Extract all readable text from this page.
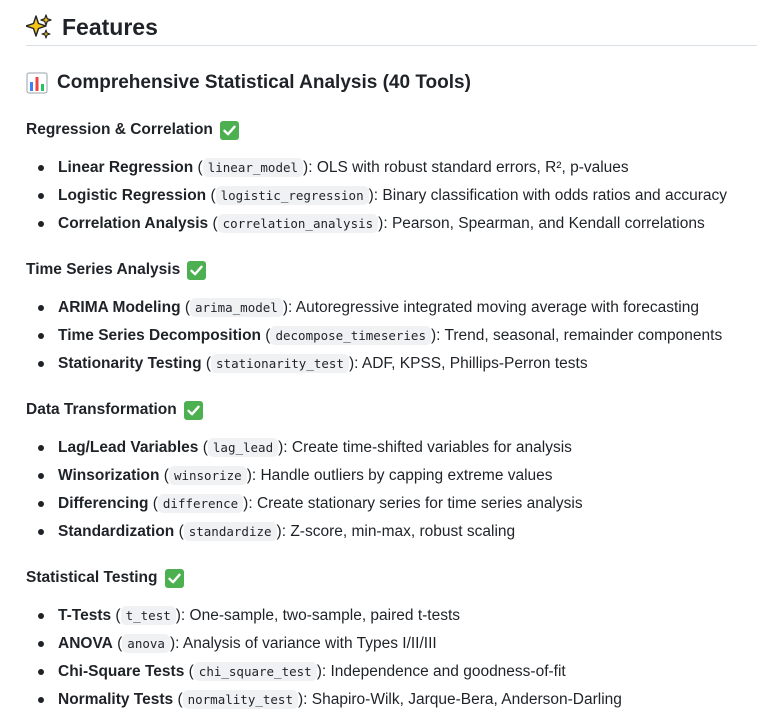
Features
Comprehensive Statistical Analysis (40 Tools)
Regression & Correlation
Linear Regression ( linear_model ): OLS with robust standard errors, R², p-values
Logistic Regression ( logistic_regression ): Binary classification with odds ratios and accuracy
Correlation Analysis ( correlation_analysis ): Pearson, Spearman, and Kendall correlations
Time Series Analysis
ARIMA Modeling ( arima_model ): Autoregressive integrated moving average with forecasting
Time Series Decomposition ( decompose_timeseries ): Trend, seasonal, remainder components
Stationarity Testing ( stationarity_test ): ADF, KPSS, Phillips-Perron tests
Data Transformation
Lag/Lead Variables ( lag_lead ): Create time-shifted variables for analysis
Winsorization ( winsorize ): Handle outliers by capping extreme values
Differencing ( difference ): Create stationary series for time series analysis
Standardization ( standardize ): Z-score, min-max, robust scaling
Statistical Testing
T-Tests ( t_test ): One-sample, two-sample, paired t-tests
ANOVA ( anova ): Analysis of variance with Types I/II/III
Chi-Square Tests ( chi_square_test ): Independence and goodness-of-fit
Normality Tests ( normality_test ): Shapiro-Wilk, Jarque-Bera, Anderson-Darling
